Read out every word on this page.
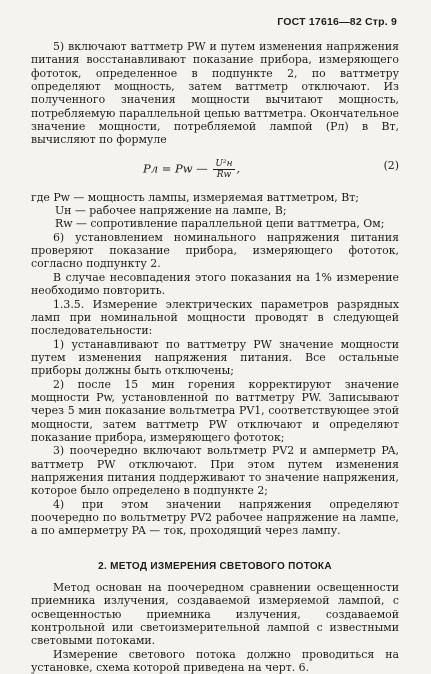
ГОСТ 17616—82 Стр. 9

5) включают ваттметр PW и путем изменения напряжения питания восстанавливают показание прибора, измеряющего фототок, определенное в подпункте 2, по ваттметру определяют мощность, затем ваттметр отключают. Из полученного значения мощности вычитают мощность, потребляемую параллельной цепью ваттметра. Окончательное значение мощности, потребляемой лампой (Pл) в Вт, вычисляют по формуле

Pл = Pw — $\frac{\text{U²н}}{Rw}$ ,	(2)

где Pw — мощность лампы, измеряемая ваттметром, Вт;

Uн — рабочее напряжение на лампе, В;

Rw — сопротивление параллельной цепи ваттметра, Ом;

6) установлением номинального напряжения питания проверяют показание прибора, измеряющего фототок, согласно подпункту 2.

В случае несовпадения этого показания на 1% измерение необходимо повторить.

1.3.5. Измерение электрических параметров разрядных ламп при номинальной мощности проводят в следующей последовательности:

1) устанавливают по ваттметру PW значение мощности путем изменения напряжения питания. Все остальные приборы должны быть отключены;

2) после 15 мин горения корректируют значение мощности Pw, установленной по ваттметру PW. Записывают через 5 мин показание вольтметра PV1, соответствующее этой мощности, затем ваттметр PW отключают и определяют показание прибора, измеряющего фототок;

3) поочередно включают вольтметр PV2 и амперметр PA, ваттметр PW отключают. При этом путем изменения напряжения питания поддерживают то значение напряжения, которое было определено в подпункте 2;

4) при этом значении напряжения определяют поочередно по вольтметру PV2 рабочее напряжение на лампе, а по амперметру PA — ток, проходящий через лампу.

2. МЕТОД ИЗМЕРЕНИЯ СВЕТОВОГО ПОТОКА

Метод основан на поочередном сравнении освещенности приемника излучения, создаваемой измеряемой лампой, с освещенностью приемника излучения, создаваемой контрольной или светоизмерительной лампой с известными световыми потоками.

Измерение светового потока должно проводиться на установке, схема которой приведена на черт. 6.
